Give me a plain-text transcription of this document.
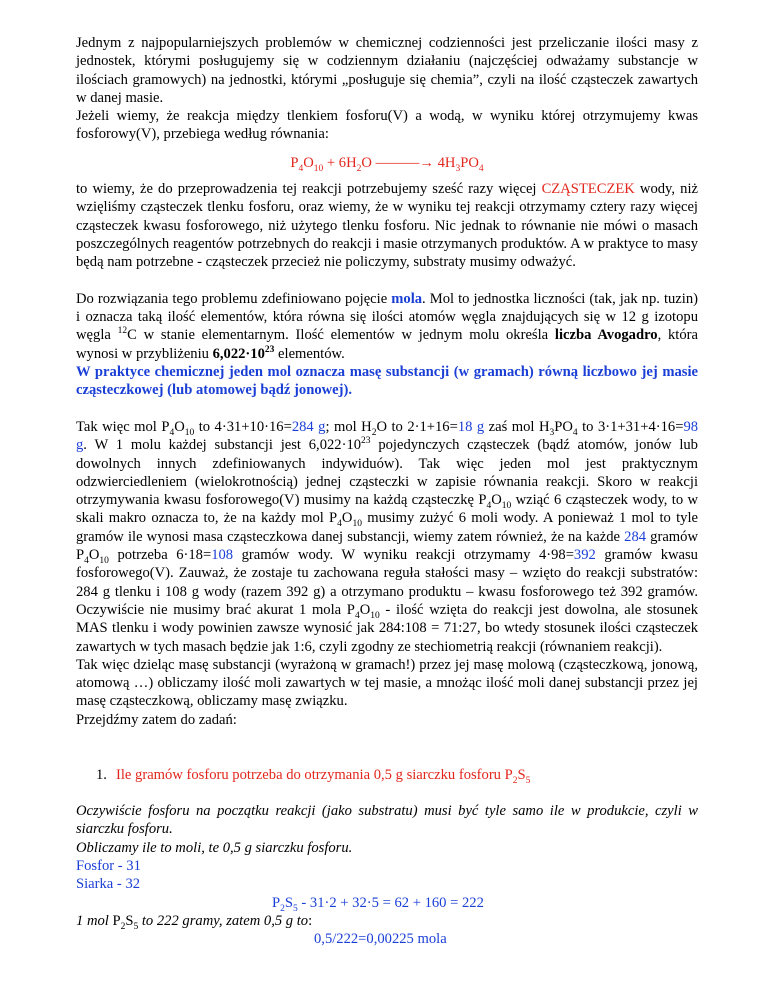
Jednym z najpopularniejszych problemów w chemicznej codzienności jest przeliczanie ilości masy z jednostek, którymi posługujemy się w codziennym działaniu (najczęściej odważamy substancje w ilościach gramowych) na jednostki, którymi „posługuje się chemia”, czyli na ilość cząsteczek zawartych w danej masie.

Jeżeli wiemy, że reakcja między tlenkiem fosforu(V) a wodą, w wyniku której otrzymujemy kwas fosforowy(V), przebiega według równania:

$P_4O_{10} + 6H_2O$ ———→ $4H_3PO_4$

to wiemy, że do przeprowadzenia tej reakcji potrzebujemy sześć razy więcej CZĄSTECZEK wody, niż wzięliśmy cząsteczek tlenku fosforu, oraz wiemy, że w wyniku tej reakcji otrzymamy cztery razy więcej cząsteczek kwasu fosforowego, niż użytego tlenku fosforu. Nic jednak to równanie nie mówi o masach poszczególnych reagentów potrzebnych do reakcji i masie otrzymanych produktów. A w praktyce to masy będą nam potrzebne - cząsteczek przecież nie policzymy, substraty musimy odważyć.

Do rozwiązania tego problemu zdefiniowano pojęcie mola. Mol to jednostka liczności (tak, jak np. tuzin) i oznacza taką ilość elementów, która równa się ilości atomów węgla znajdujących się w 12 g izotopu węgla $^{12}$C w stanie elementarnym. Ilość elementów w jednym molu określa liczba Avogadro, która wynosi w przybliżeniu $6,022\cdot 10^{23}$ elementów.
W praktyce chemicznej jeden mol oznacza masę substancji (w gramach) równą liczbowo jej masie cząsteczkowej (lub atomowej bądź jonowej).

Tak więc mol $P_4O_{10}$ to 4·31+10·16=284 g; mol $H_2O$ to 2·1+16=18 g zaś mol $H_3PO_4$ to 3·1+31+4·16=98 g. W 1 molu każdej substancji jest $6,022\cdot 10^{23}$ pojedynczych cząsteczek (bądź atomów, jonów lub dowolnych innych zdefiniowanych indywiduów). Tak więc jeden mol jest praktycznym odzwierciedleniem (wielokrotnością) jednej cząsteczki w zapisie równania reakcji. Skoro w reakcji otrzymywania kwasu fosforowego(V) musimy na każdą cząsteczkę $P_4O_{10}$ wziąć 6 cząsteczek wody, to w skali makro oznacza to, że na każdy mol $P_4O_{10}$ musimy zużyć 6 moli wody. A ponieważ 1 mol to tyle gramów ile wynosi masa cząsteczkowa danej substancji, wiemy zatem również, że na każde 284 gramów $P_4O_{10}$ potrzeba 6·18=108 gramów wody. W wyniku reakcji otrzymamy 4·98=392 gramów kwasu fosforowego(V). Zauważ, że zostaje tu zachowana reguła stałości masy – wzięto do reakcji substratów: 284 g tlenku i 108 g wody (razem 392 g) a otrzymano produktu – kwasu fosforowego też 392 gramów. Oczywiście nie musimy brać akurat 1 mola $P_4O_{10}$ - ilość wzięta do reakcji jest dowolna, ale stosunek MAS tlenku i wody powinien zawsze wynosić jak 284:108 = 71:27, bo wtedy stosunek ilości cząsteczek zawartych w tych masach będzie jak 1:6, czyli zgodny ze stechiometrią reakcji (równaniem reakcji).

Tak więc dzieląc masę substancji (wyrażoną w gramach!) przez jej masę molową (cząsteczkową, jonową, atomową …) obliczamy ilość moli zawartych w tej masie, a mnożąc ilość moli danej substancji przez jej masę cząsteczkową, obliczamy masę związku.

Przejdźmy zatem do zadań:

1. Ile gramów fosforu potrzeba do otrzymania 0,5 g siarczku fosforu $P_2S_5$

Oczywiście fosforu na początku reakcji (jako substratu) musi być tyle samo ile w produkcie, czyli w siarczku fosforu.

Obliczamy ile to moli, te 0,5 g siarczku fosforu.

Fosfor - 31

Siarka - 32

$P_2S_5 - 31\cdot 2 + 32\cdot 5 = 62 + 160 = 222$

1 mol $P_2S_5$ to 222 gramy, zatem 0,5 g to:

0,5/222=0,00225 mola
